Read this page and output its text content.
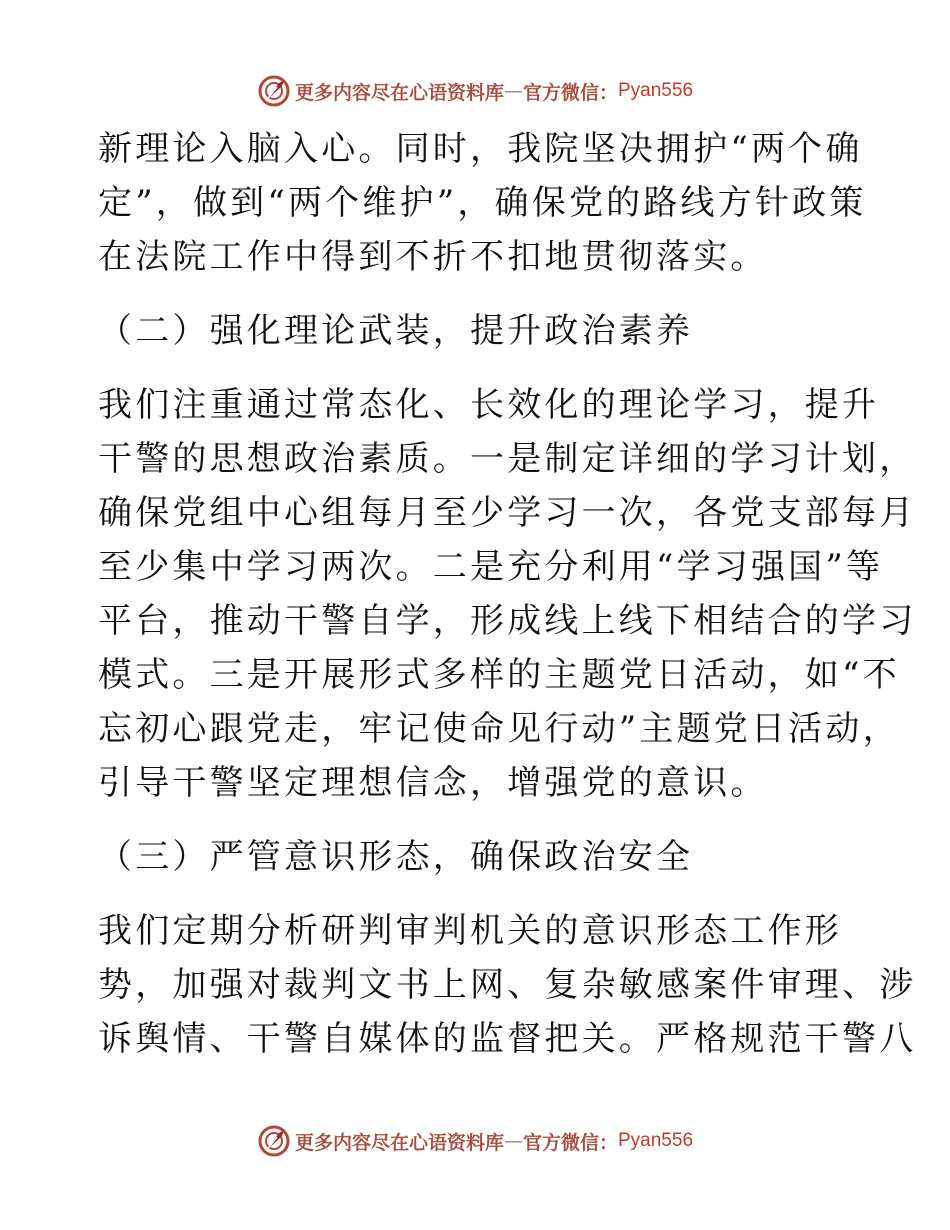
更多内容尽在心语资料库 — 官方微信： Pyan556
新理论入脑入心。同时，我院坚决拥护“两个确
定”，做到“两个维护”，确保党的路线方针政策
在法院工作中得到不折不扣地贯彻落实。
（二）强化理论武装，提升政治素养
我们注重通过常态化、长效化的理论学习，提升
干警的思想政治素质。一是制定详细的学习计划，
确保党组中心组每月至少学习一次，各党支部每月
至少集中学习两次。二是充分利用“学习强国”等
平台，推动干警自学，形成线上线下相结合的学习
模式。三是开展形式多样的主题党日活动，如“不
忘初心跟党走，牢记使命见行动”主题党日活动，
引导干警坚定理想信念，增强党的意识。
（三）严管意识形态，确保政治安全
我们定期分析研判审判机关的意识形态工作形
势，加强对裁判文书上网、复杂敏感案件审理、涉
诉舆情、干警自媒体的监督把关。严格规范干警八
更多内容尽在心语资料库 — 官方微信： Pyan556
